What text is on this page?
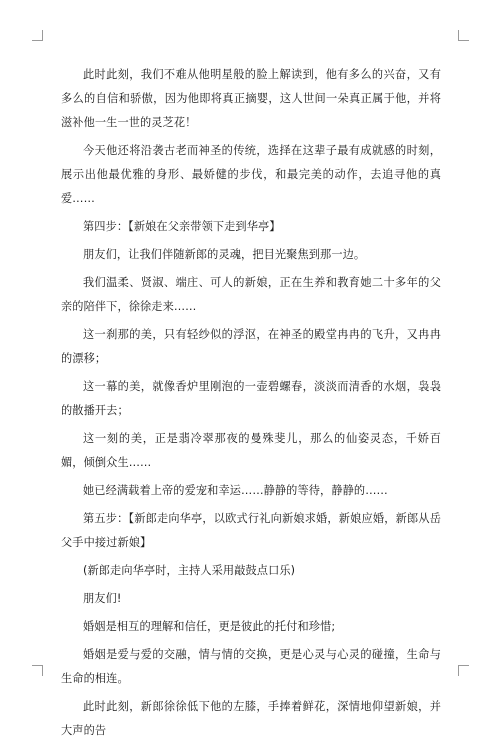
此时此刻，我们不难从他明星般的脸上解读到，他有多么的兴奋，又有多么的自信和骄傲，因为他即将真正摘婴，这人世间一朵真正属于他，并将滋补他一生一世的灵芝花！

今天他还将沿袭古老而神圣的传统，选择在这辈子最有成就感的时刻，展示出他最优雅的身形、最娇健的步伐，和最完美的动作，去追寻他的真爱……

第四步：【新娘在父亲带领下走到华亭】

朋友们，让我们伴随新郎的灵魂，把目光聚焦到那一边。

我们温柔、贤淑、端庄、可人的新娘，正在生养和教育她二十多年的父亲的陪伴下，徐徐走来……

这一刹那的美，只有轻纱似的浮沤，在神圣的殿堂冉冉的飞升，又冉冉的漂移；

这一幕的美，就像香炉里刚泡的一壶碧螺春，淡淡而清香的水烟，袅袅的散播开去；

这一刻的美，正是翡冷翠那夜的曼殊斐儿，那么的仙姿灵态，千娇百媚，倾倒众生……

她已经满载着上帝的爱宠和幸运……静静的等待，静静的……

第五步：【新郎走向华亭，以欧式行礼向新娘求婚，新娘应婚，新郎从岳父手中接过新娘】

(新郎走向华亭时，主持人采用敲鼓点口乐)

朋友们!

婚姻是相互的理解和信任，更是彼此的托付和珍惜;

婚姻是爱与爱的交融，情与情的交换，更是心灵与心灵的碰撞，生命与生命的相连。

此时此刻，新郎徐徐低下他的左膝，手捧着鲜花，深情地仰望新娘，并大声的告
